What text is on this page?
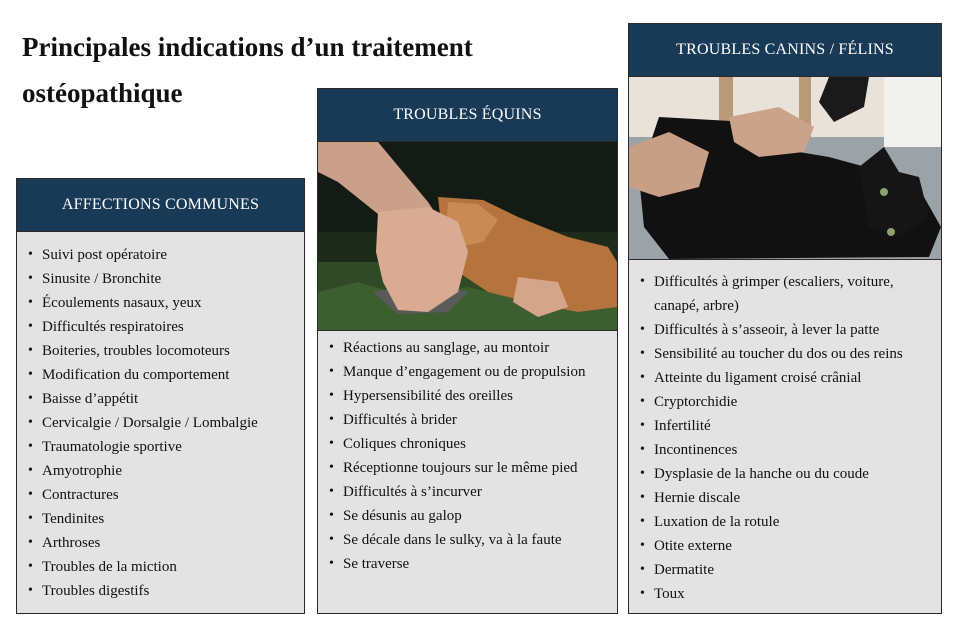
Principales indications d’un traitement ostéopathique
AFFECTIONS COMMUNES
• Suivi post opératoire
• Sinusite / Bronchite
• Écoulements nasaux, yeux
• Difficultés respiratoires
• Boiteries, troubles locomoteurs
• Modification du comportement
• Baisse d’appétit
• Cervicalgie / Dorsalgie / Lombalgie
• Traumatologie sportive
• Amyotrophie
• Contractures
• Tendinites
• Arthroses
• Troubles de la miction
• Troubles digestifs
TROUBLES ÉQUINS
• Réactions au sanglage, au montoir
• Manque d’engagement ou de propulsion
• Hypersensibilité des oreilles
• Difficultés à brider
• Coliques chroniques
• Réceptionne toujours sur le même pied
• Difficultés à s’incurver
• Se désunis au galop
• Se décale dans le sulky, va à la faute
• Se traverse
TROUBLES CANINS / FÉLINS
• Difficultés à grimper (escaliers, voiture, canapé, arbre)
• Difficultés à s’asseoir, à lever la patte
• Sensibilité au toucher du dos ou des reins
• Atteinte du ligament croisé crânial
• Cryptorchidie
• Infertilité
• Incontinences
• Dysplasie de la hanche ou du coude
• Hernie discale
• Luxation de la rotule
• Otite externe
• Dermatite
• Toux
